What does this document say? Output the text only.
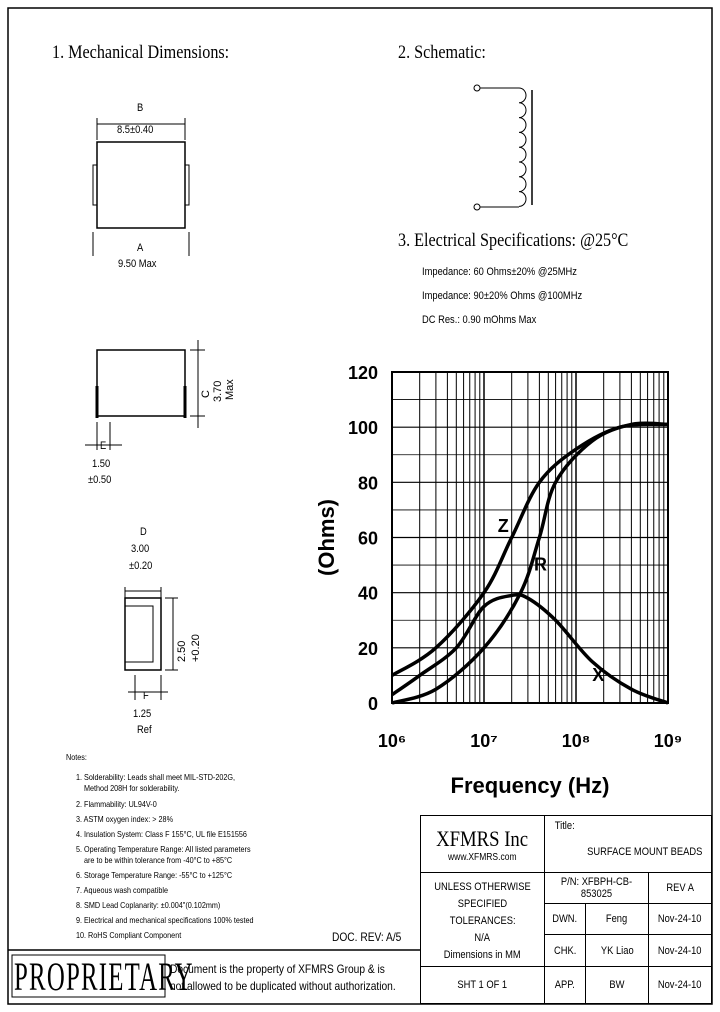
1. Mechanical Dimensions:	2. Schematic:
3. Electrical Specifications: @25°C
B
8.5±0.40
A
9.50 Max
C 3.70 Max
E
1.50
±0.50
D
3.00
±0.20
2.50 +0.20
F
1.25
Ref
Impedance: 60 Ohms±20% @25MHz
Impedance: 90±20% Ohms @100MHz
DC Res.: 0.90 mOhms Max
0
20
40
60
80
100
120
10⁶	10⁷	10⁸	10⁹
Frequency (Hz)
(Ohms)	Z
R
X
Notes:
1. Solderability: Leads shall meet MIL-STD-202G,
Method 208H for solderability.
2. Flammability: UL94V-0
3. ASTM oxygen index: > 28%
4. Insulation System: Class F 155°C, UL file E151556
5. Operating Temperature Range: All listed parameters
are to be within tolerance from -40°C to +85°C
6. Storage Temperature Range: -55°C to +125°C
7. Aqueous wash compatible
8. SMD Lead Coplanarity: ±0.004"(0.102mm)
9. Electrical and mechanical specifications 100% tested
10. RoHS Compliant Component	DOC. REV: A/5
PROPRIETARY
Document is the property of XFMRS Group & is
not allowed to be duplicated without authorization.
XFMRS Inc
www.XFMRS.com
Title:
SURFACE MOUNT BEADS
UNLESS OTHERWISE SPECIFIED
TOLERANCES:
N/A
Dimensions in MM
P/N: XFBPH-CB-853025	REV A
DWN.	Feng	Nov-24-10
CHK. YK Liao Nov-24-10
SHT 1 OF 1	APP.	BW	Nov-24-10
